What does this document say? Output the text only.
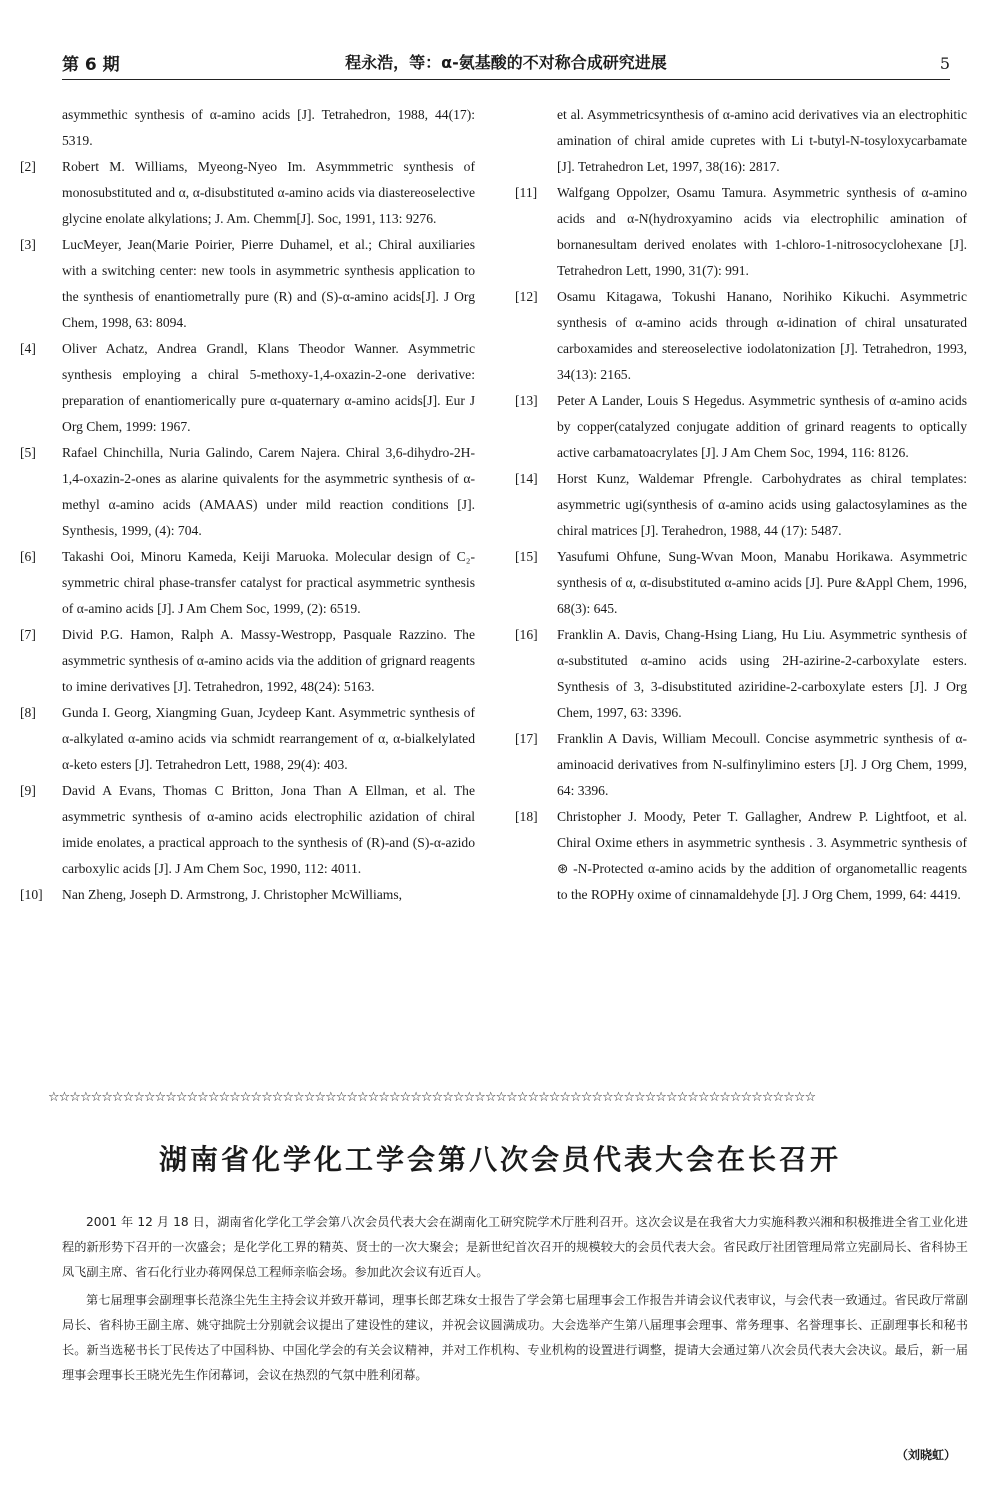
第 6 期	程永浩，等：α-氨基酸的不对称合成研究进展	5
asymmethic synthesis of α-amino acids [J]. Tetrahedron, 1988, 44(17): 5319.
[2]	Robert M. Williams, Myeong-Nyeo Im. Asymmmetric synthesis of monosubstituted and α, α-disubstituted α-amino acids via diastereoselective glycine enolate alkylations; J. Am. Chemm[J]. Soc, 1991, 113: 9276.
[3]	LucMeyer, Jean(Marie Poirier, Pierre Duhamel, et al.; Chiral auxiliaries with a switching center: new tools in asymmetric synthesis application to the synthesis of enantiometrally pure (R) and (S)-α-amino acids[J]. J Org Chem, 1998, 63: 8094.
[4]	Oliver Achatz, Andrea Grandl, Klans Theodor Wanner. Asymmetric synthesis employing a chiral 5-methoxy-1,4-oxazin-2-one derivative: preparation of enantiomerically pure α-quaternary α-amino acids[J]. Eur J Org Chem, 1999: 1967.
[5]	Rafael Chinchilla, Nuria Galindo, Carem Najera. Chiral 3,6-dihydro-2H-1,4-oxazin-2-ones as alarine quivalents for the asymmetric synthesis of α-methyl α-amino acids (AMAAS) under mild reaction conditions [J]. Synthesis, 1999, (4): 704.
[6]	Takashi Ooi, Minoru Kameda, Keiji Maruoka. Molecular design of C₂-symmetric chiral phase-transfer catalyst for practical asymmetric synthesis of α-amino acids [J]. J Am Chem Soc, 1999, (2): 6519.
[7]	Divid P.G. Hamon, Ralph A. Massy-Westropp, Pasquale Razzino. The asymmetric synthesis of α-amino acids via the addition of grignard reagents to imine derivatives [J]. Tetrahedron, 1992, 48(24): 5163.
[8]	Gunda I. Georg, Xiangming Guan, Jcydeep Kant. Asymmetric synthesis of α-alkylated α-amino acids via schmidt rearrangement of α, α-bialkelylated α-keto esters [J]. Tetrahedron Lett, 1988, 29(4): 403.
[9]	David A Evans, Thomas C Britton, Jona Than A Ellman, et al. The asymmetric synthesis of α-amino acids electrophilic azidation of chiral imide enolates, a practical approach to the synthesis of (R)-and (S)-α-azido carboxylic acids [J]. J Am Chem Soc, 1990, 112: 4011.
[10]	Nan Zheng, Joseph D. Armstrong, J. Christopher McWilliams,
et al. Asymmetricsynthesis of α-amino acid derivatives via an electrophitic amination of chiral amide cupretes with Li t-butyl-N-tosyloxycarbamate [J]. Tetrahedron Let, 1997, 38(16): 2817.
[11]	Walfgang Oppolzer, Osamu Tamura. Asymmetric synthesis of α-amino acids and α-N(hydroxyamino acids via electrophilic amination of bornanesultam derived enolates with 1-chloro-1-nitrosocyclohexane [J]. Tetrahedron Lett, 1990, 31(7): 991.
[12]	Osamu Kitagawa, Tokushi Hanano, Norihiko Kikuchi. Asymmetric synthesis of α-amino acids through α-idination of chiral unsaturated carboxamides and stereoselective iodolatonization [J]. Tetrahedron, 1993, 34(13): 2165.
[13]	Peter A Lander, Louis S Hegedus. Asymmetric synthesis of α-amino acids by copper(catalyzed conjugate addition of grinard reagents to optically active carbamatoacrylates [J]. J Am Chem Soc, 1994, 116: 8126.
[14]	Horst Kunz, Waldemar Pfrengle. Carbohydrates as chiral templates: asymmetric ugi(synthesis of α-amino acids using galactosylamines as the chiral matrices [J]. Terahedron, 1988, 44 (17): 5487.
[15]	Yasufumi Ohfune, Sung-Wvan Moon, Manabu Horikawa. Asymmetric synthesis of α, α-disubstituted α-amino acids [J]. Pure &Appl Chem, 1996, 68(3): 645.
[16]	Franklin A. Davis, Chang-Hsing Liang, Hu Liu. Asymmetric synthesis of α-substituted α-amino acids using 2H-azirine-2-carboxylate esters. Synthesis of 3, 3-disubstituted aziridine-2-carboxylate esters [J]. J Org Chem, 1997, 63: 3396.
[17]	Franklin A Davis, William Mecoull. Concise asymmetric synthesis of α-aminoacid derivatives from N-sulfinylimino esters [J]. J Org Chem, 1999, 64: 3396.
[18]	Christopher J. Moody, Peter T. Gallagher, Andrew P. Lightfoot, et al. Chiral Oxime ethers in asymmetric synthesis . 3. Asymmetric synthesis of ⊛ -N-Protected α-amino acids by the addition of organometallic reagents to the ROPHy oxime of cinnamaldehyde [J]. J Org Chem, 1999, 64: 4419.
☆☆☆☆☆☆☆☆☆☆☆☆☆☆☆☆☆☆☆☆☆☆☆☆☆☆☆☆☆☆☆☆☆☆☆☆☆☆☆☆☆☆☆☆☆☆☆☆☆☆☆☆☆☆☆☆☆☆☆☆☆☆☆☆☆☆☆☆☆☆☆☆
湖南省化学化工学会第八次会员代表大会在长召开

2001 年 12 月 18 日，湖南省化学化工学会第八次会员代表大会在湖南化工研究院学术厅胜利召开。这次会议是在我省大力实施科教兴湘和积极推进全省工业化进程的新形势下召开的一次盛会；是化学化工界的精英、贤士的一次大聚会；是新世纪首次召开的规模较大的会员代表大会。省民政厅社团管理局常立宪副局长、省科协王凤飞副主席、省石化行业办蒋网保总工程师亲临会场。参加此次会议有近百人。

第七届理事会副理事长范涤尘先生主持会议并致开幕词，理事长郎艺珠女士报告了学会第七届理事会工作报告并请会议代表审议，与会代表一致通过。省民政厅常副局长、省科协王副主席、姚守拙院士分别就会议提出了建设性的建议，并祝会议圆满成功。大会选举产生第八届理事会理事、常务理事、名誉理事长、正副理事长和秘书长。新当选秘书长丁民传达了中国科协、中国化学会的有关会议精神，并对工作机构、专业机构的设置进行调整，提请大会通过第八次会员代表大会决议。最后，新一届理事会理事长王晓光先生作闭幕词，会议在热烈的气氛中胜利闭幕。

（刘晓虹）
